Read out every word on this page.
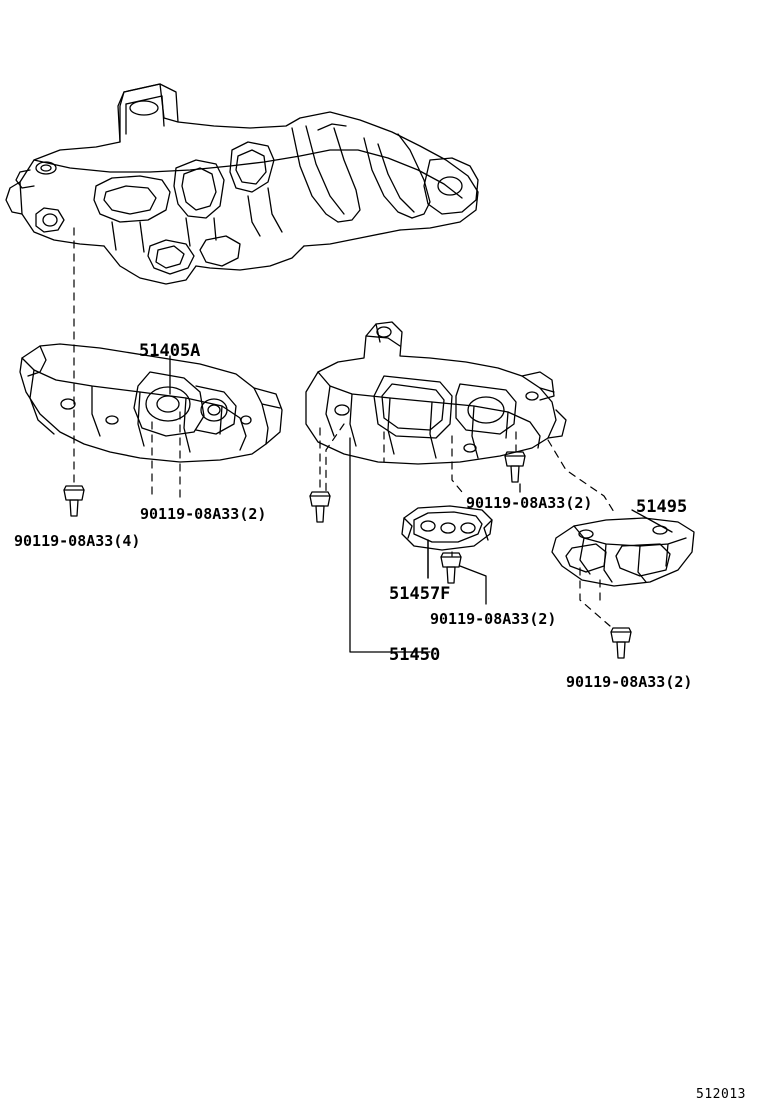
51405A
90119-08A33(4)
90119-08A33(2)
90119-08A33(2)	51495
51457F
90119-08A33(2)
51450
90119-08A33(2)
512013
